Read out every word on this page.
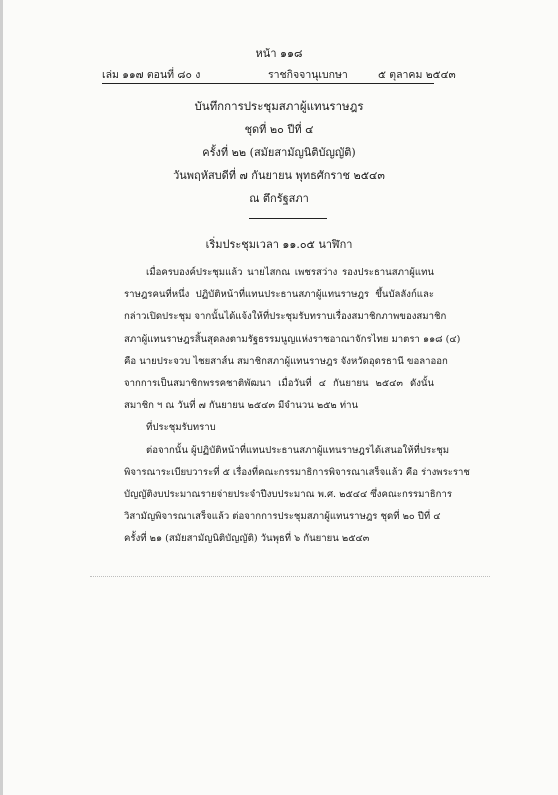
หน้า ๑๑๘
เล่ม ๑๑๗ ตอนที่ ๘๐ ง	ราชกิจจานุเบกษา	๕ ตุลาคม ๒๕๔๓
บันทึกการประชุมสภาผู้แทนราษฎร
ชุดที่ ๒๐ ปีที่ ๔
ครั้งที่ ๒๒ (สมัยสามัญนิติบัญญัติ)
วันพฤหัสบดีที่ ๗ กันยายน พุทธศักราช ๒๕๔๓
ณ ตึกรัฐสภา
เริ่มประชุมเวลา ๑๑.๐๕ นาฬิกา

เมื่อครบองค์ประชุมแล้ว นายไสกณ เพชรสว่าง รองประธานสภาผู้แทน
ราษฎรคนที่หนึ่ง ปฏิบัติหน้าที่แทนประธานสภาผู้แทนราษฎร ขึ้นบัลลังก์และ
กล่าวเปิดประชุม จากนั้นได้แจ้งให้ที่ประชุมรับทราบเรื่องสมาชิกภาพของสมาชิก
สภาผู้แทนราษฎรสิ้นสุดลงตามรัฐธรรมนูญแห่งราชอาณาจักรไทย มาตรา ๑๑๘ (๔)
คือ นายประจวบ ไชยสาส์น สมาชิกสภาผู้แทนราษฎร จังหวัดอุดรธานี ขอลาออก
จากการเป็นสมาชิกพรรคชาติพัฒนา เมื่อวันที่ ๔ กันยายน ๒๕๔๓ ดังนั้น
สมาชิก ฯ ณ วันที่ ๗ กันยายน ๒๕๔๓ มีจำนวน ๒๕๒ ท่าน

ที่ประชุมรับทราบ

ต่อจากนั้น ผู้ปฏิบัติหน้าที่แทนประธานสภาผู้แทนราษฎรได้เสนอให้ที่ประชุม
พิจารณาระเบียบวาระที่ ๕ เรื่องที่คณะกรรมาธิการพิจารณาเสร็จแล้ว คือ ร่างพระราช
บัญญัติงบประมาณรายจ่ายประจำปีงบประมาณ พ.ศ. ๒๕๔๔ ซึ่งคณะกรรมาธิการ
วิสามัญพิจารณาเสร็จแล้ว ต่อจากการประชุมสภาผู้แทนราษฎร ชุดที่ ๒๐ ปีที่ ๔
ครั้งที่ ๒๑ (สมัยสามัญนิติบัญญัติ) วันพุธที่ ๖ กันยายน ๒๕๔๓
